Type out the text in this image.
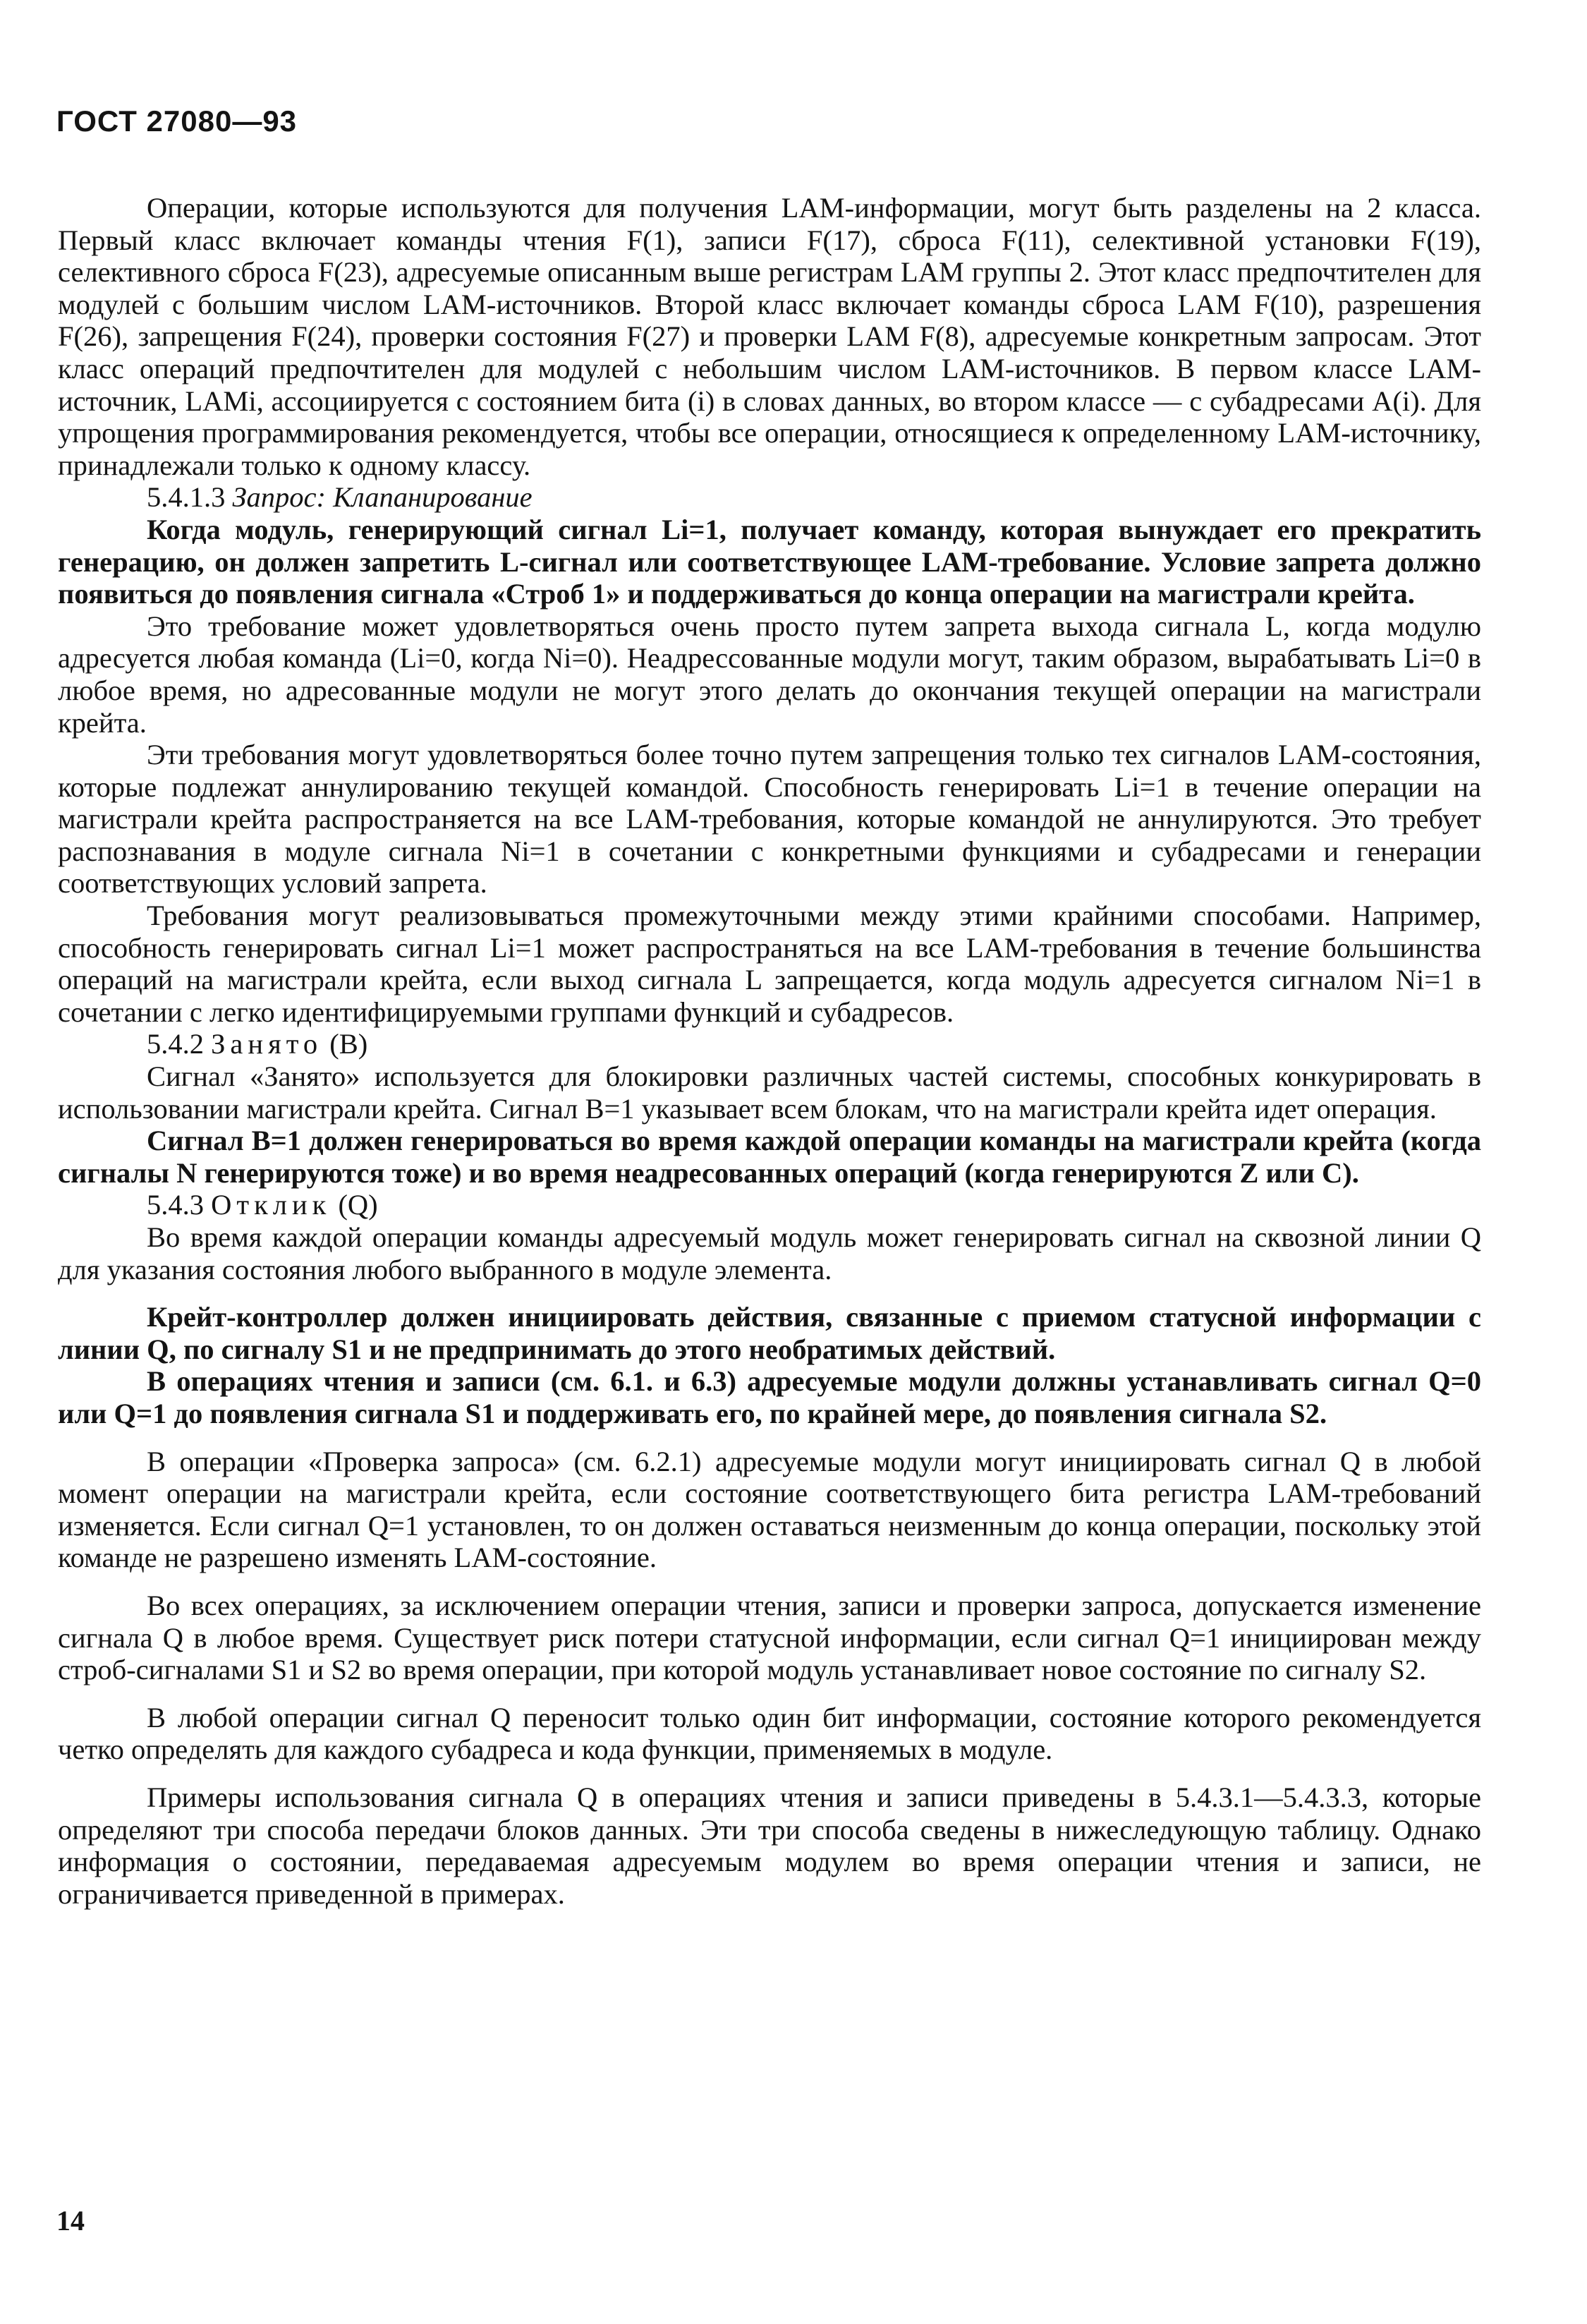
ГОСТ 27080—93

Операции, которые используются для получения LAM-информации, могут быть разделены на 2 класса. Первый класс включает команды чтения F(1), записи F(17), сброса F(11), селективной установки F(19), селективного сброса F(23), адресуемые описанным выше регистрам LAM группы 2. Этот класс предпочтителен для модулей с большим числом LAM-источников. Второй класс включает команды сброса LAM F(10), разрешения F(26), запрещения F(24), проверки состояния F(27) и проверки LAM F(8), адресуемые конкретным запросам. Этот класс операций предпочтителен для модулей с небольшим числом LAM-источников. В первом классе LAM-источник, LAMi, ассоциируется с состоянием бита (i) в словах данных, во втором классе — с субадресами A(i). Для упрощения программирования рекомендуется, чтобы все операции, относящиеся к определенному LAM-источнику, принадлежали только к одному классу.

5.4.1.3 Запрос: Клапанирование

Когда модуль, генерирующий сигнал Li=1, получает команду, которая вынуждает его прекратить генерацию, он должен запретить L-сигнал или соответствующее LAM-требование. Условие запрета должно появиться до появления сигнала «Строб 1» и поддерживаться до конца операции на магистрали крейта.

Это требование может удовлетворяться очень просто путем запрета выхода сигнала L, когда модулю адресуется любая команда (Li=0, когда Ni=0). Неадрессованные модули могут, таким образом, вырабатывать Li=0 в любое время, но адресованные модули не могут этого делать до окончания текущей операции на магистрали крейта.

Эти требования могут удовлетворяться более точно путем запрещения только тех сигналов LAM-состояния, которые подлежат аннулированию текущей командой. Способность генерировать Li=1 в течение операции на магистрали крейта распространяется на все LAM-требования, которые командой не аннулируются. Это требует распознавания в модуле сигнала Ni=1 в сочетании с конкретными функциями и субадресами и генерации соответствующих условий запрета.

Требования могут реализовываться промежуточными между этими крайними способами. Например, способность генерировать сигнал Li=1 может распространяться на все LAM-требования в течение большинства операций на магистрали крейта, если выход сигнала L запрещается, когда модуль адресуется сигналом Ni=1 в сочетании с легко идентифицируемыми группами функций и субадресов.

5.4.2 Занято (B)

Сигнал «Занято» используется для блокировки различных частей системы, способных конкурировать в использовании магистрали крейта. Сигнал B=1 указывает всем блокам, что на магистрали крейта идет операция.

Сигнал B=1 должен генерироваться во время каждой операции команды на магистрали крейта (когда сигналы N генерируются тоже) и во время неадресованных операций (когда генерируются Z или C).

5.4.3 Отклик (Q)

Во время каждой операции команды адресуемый модуль может генерировать сигнал на сквозной линии Q для указания состояния любого выбранного в модуле элемента.

Крейт-контроллер должен инициировать действия, связанные с приемом статусной информации с линии Q, по сигналу S1 и не предпринимать до этого необратимых действий.

В операциях чтения и записи (см. 6.1. и 6.3) адресуемые модули должны устанавливать сигнал Q=0 или Q=1 до появления сигнала S1 и поддерживать его, по крайней мере, до появления сигнала S2.

В операции «Проверка запроса» (см. 6.2.1) адресуемые модули могут инициировать сигнал Q в любой момент операции на магистрали крейта, если состояние соответствующего бита регистра LAM-требований изменяется. Если сигнал Q=1 установлен, то он должен оставаться неизменным до конца операции, поскольку этой команде не разрешено изменять LAM-состояние.

Во всех операциях, за исключением операции чтения, записи и проверки запроса, допускается изменение сигнала Q в любое время. Существует риск потери статусной информации, если сигнал Q=1 инициирован между строб-сигналами S1 и S2 во время операции, при которой модуль устанавливает новое состояние по сигналу S2.

В любой операции сигнал Q переносит только один бит информации, состояние которого рекомендуется четко определять для каждого субадреса и кода функции, применяемых в модуле.

Примеры использования сигнала Q в операциях чтения и записи приведены в 5.4.3.1—5.4.3.3, которые определяют три способа передачи блоков данных. Эти три способа сведены в нижеследующую таблицу. Однако информация о состоянии, передаваемая адресуемым модулем во время операции чтения и записи, не ограничивается приведенной в примерах.

14
